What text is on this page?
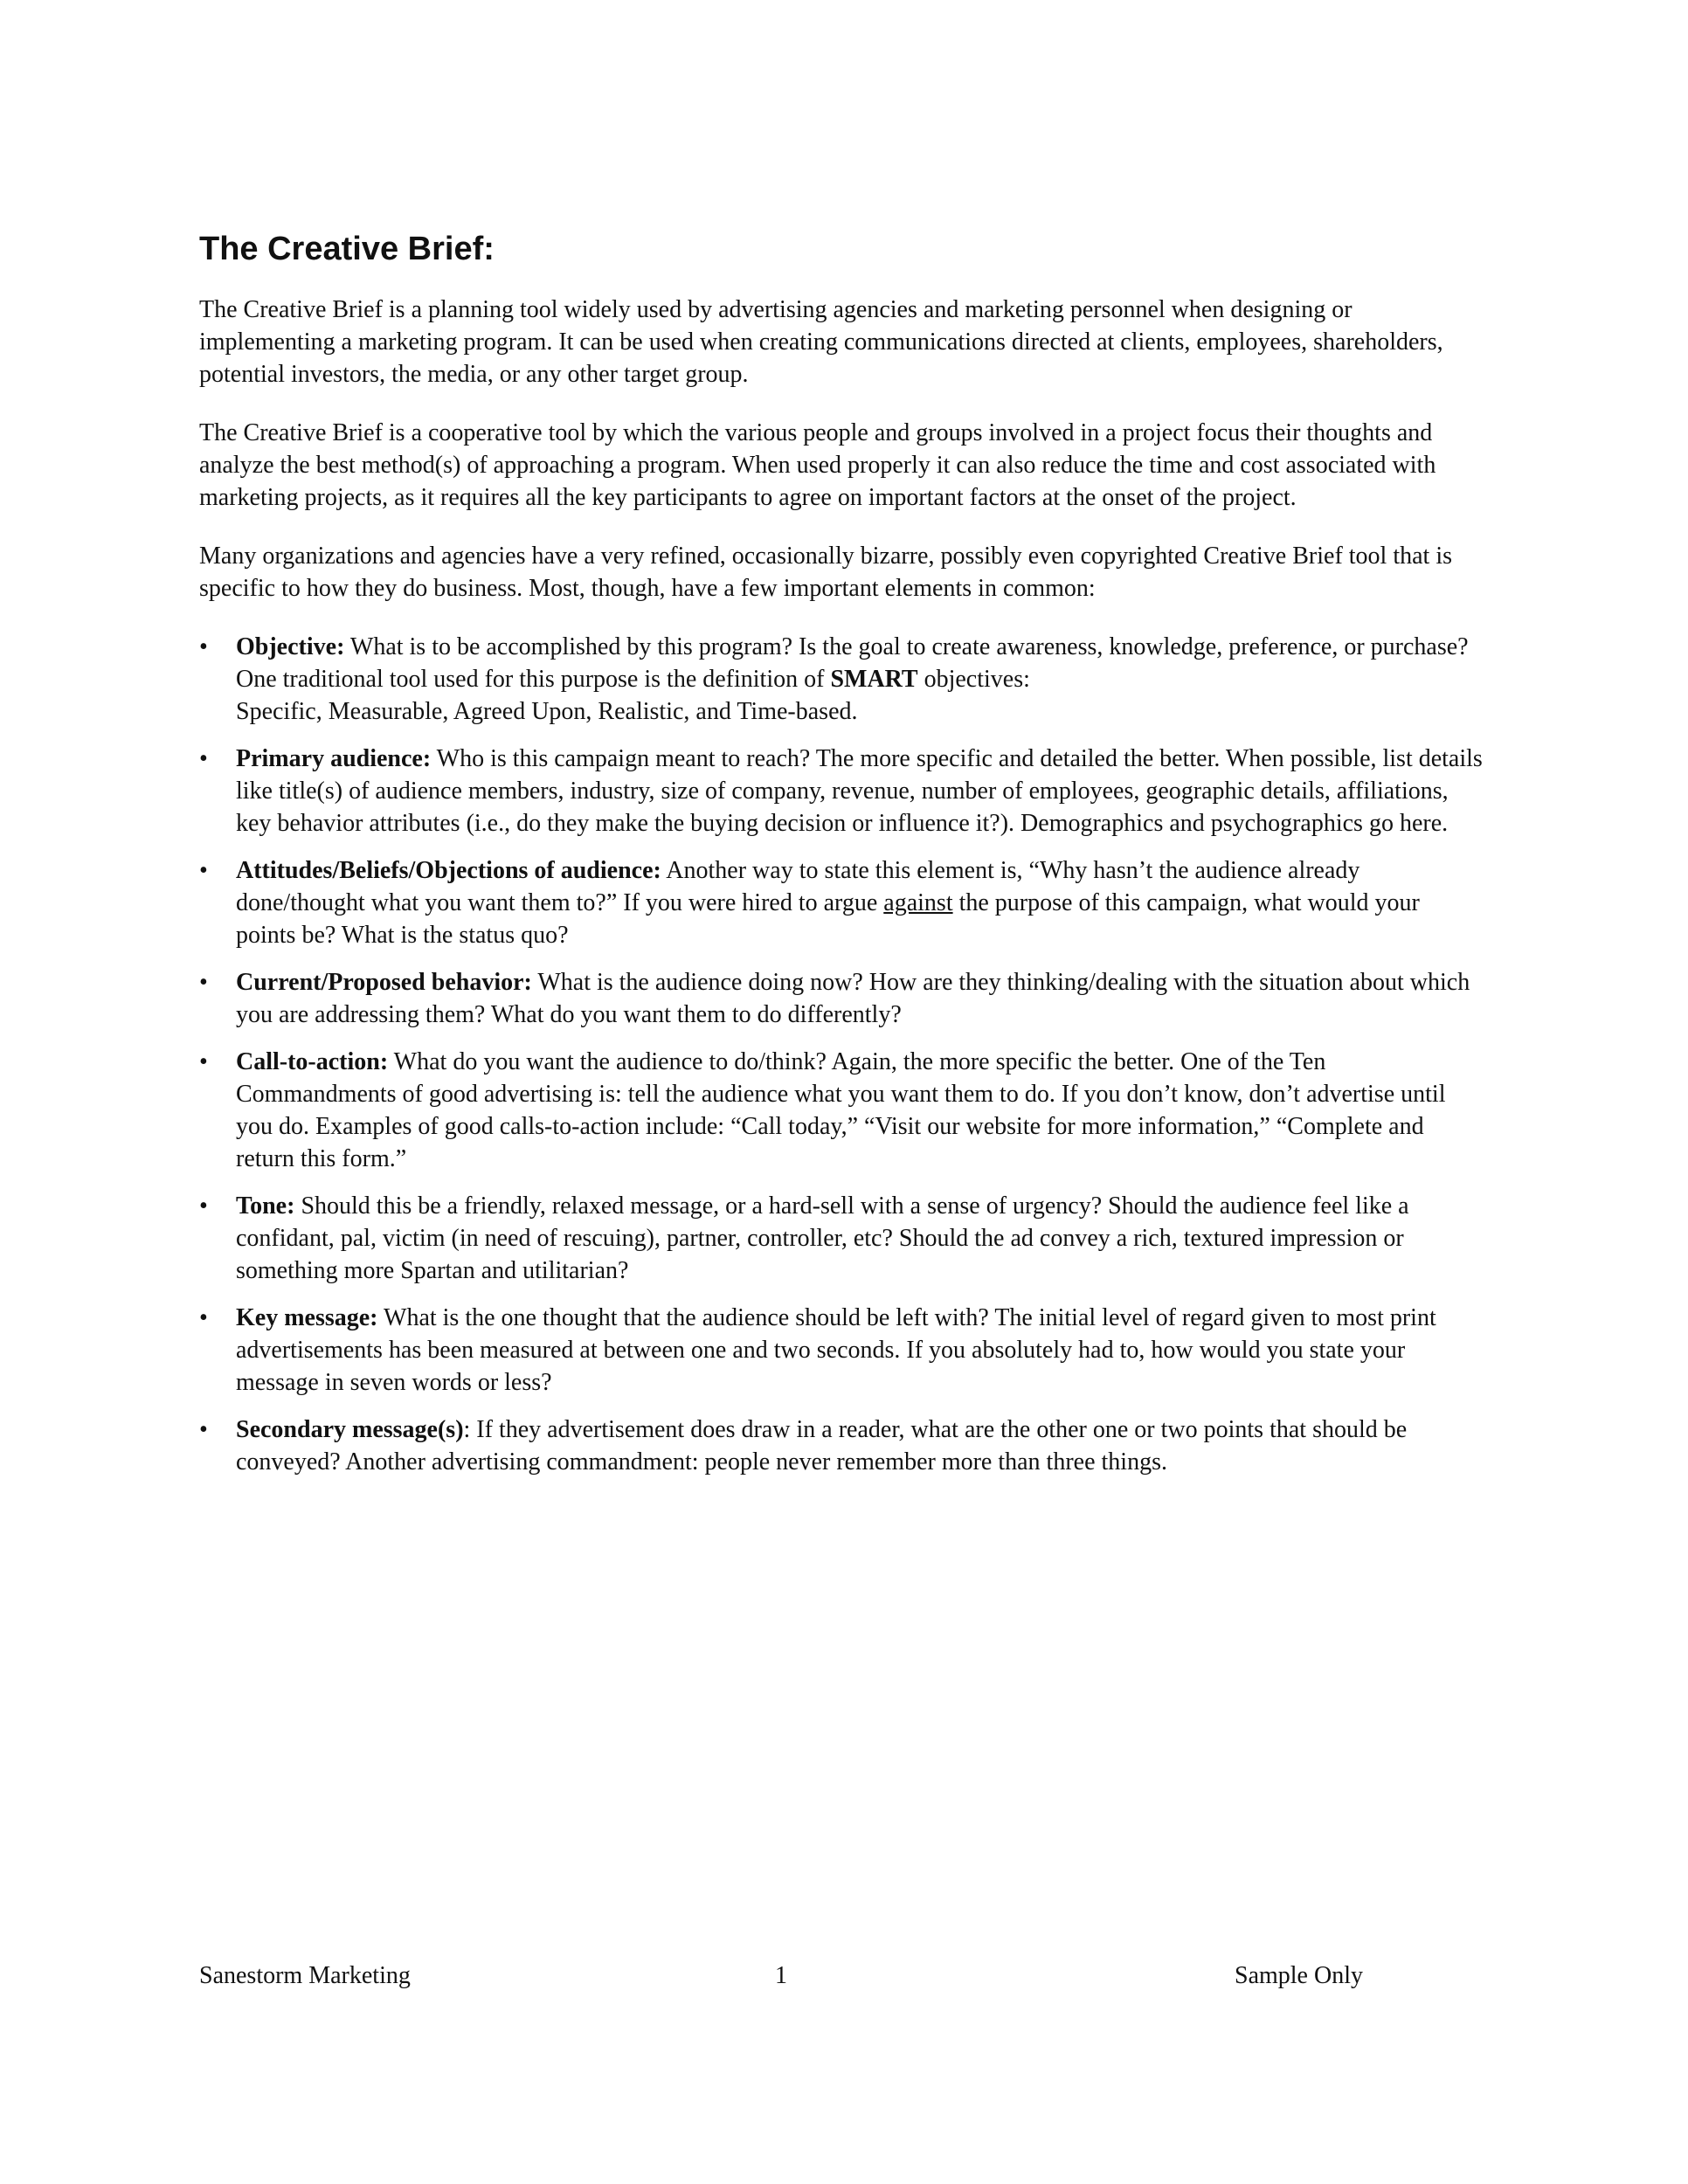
The Creative Brief:

The Creative Brief is a planning tool widely used by advertising agencies and marketing personnel when designing or implementing a marketing program. It can be used when creating communications directed at clients, employees, shareholders, potential investors, the media, or any other target group.

The Creative Brief is a cooperative tool by which the various people and groups involved in a project focus their thoughts and analyze the best method(s) of approaching a program. When used properly it can also reduce the time and cost associated with marketing projects, as it requires all the key participants to agree on important factors at the onset of the project.

Many organizations and agencies have a very refined, occasionally bizarre, possibly even copyrighted Creative Brief tool that is specific to how they do business. Most, though, have a few important elements in common:

• Objective: What is to be accomplished by this program? Is the goal to create awareness, knowledge, preference, or purchase? One traditional tool used for this purpose is the definition of SMART objectives:
Specific, Measurable, Agreed Upon, Realistic, and Time-based.
• Primary audience: Who is this campaign meant to reach? The more specific and detailed the better. When possible, list details like title(s) of audience members, industry, size of company, revenue, number of employees, geographic details, affiliations, key behavior attributes (i.e., do they make the buying decision or influence it?). Demographics and psychographics go here.
• Attitudes/Beliefs/Objections of audience: Another way to state this element is, “Why hasn’t the audience already done/thought what you want them to?” If you were hired to argue against the purpose of this campaign, what would your points be? What is the status quo?
• Current/Proposed behavior: What is the audience doing now? How are they thinking/dealing with the situation about which you are addressing them? What do you want them to do differently?
• Call-to-action: What do you want the audience to do/think? Again, the more specific the better. One of the Ten Commandments of good advertising is: tell the audience what you want them to do. If you don’t know, don’t advertise until you do. Examples of good calls-to-action include: “Call today,” “Visit our website for more information,” “Complete and return this form.”
• Tone: Should this be a friendly, relaxed message, or a hard-sell with a sense of urgency? Should the audience feel like a confidant, pal, victim (in need of rescuing), partner, controller, etc? Should the ad convey a rich, textured impression or something more Spartan and utilitarian?
• Key message: What is the one thought that the audience should be left with? The initial level of regard given to most print advertisements has been measured at between one and two seconds. If you absolutely had to, how would you state your message in seven words or less?
• Secondary message(s): If they advertisement does draw in a reader, what are the other one or two points that should be conveyed? Another advertising commandment: people never remember more than three things.
Sanestorm Marketing	1	Sample Only
